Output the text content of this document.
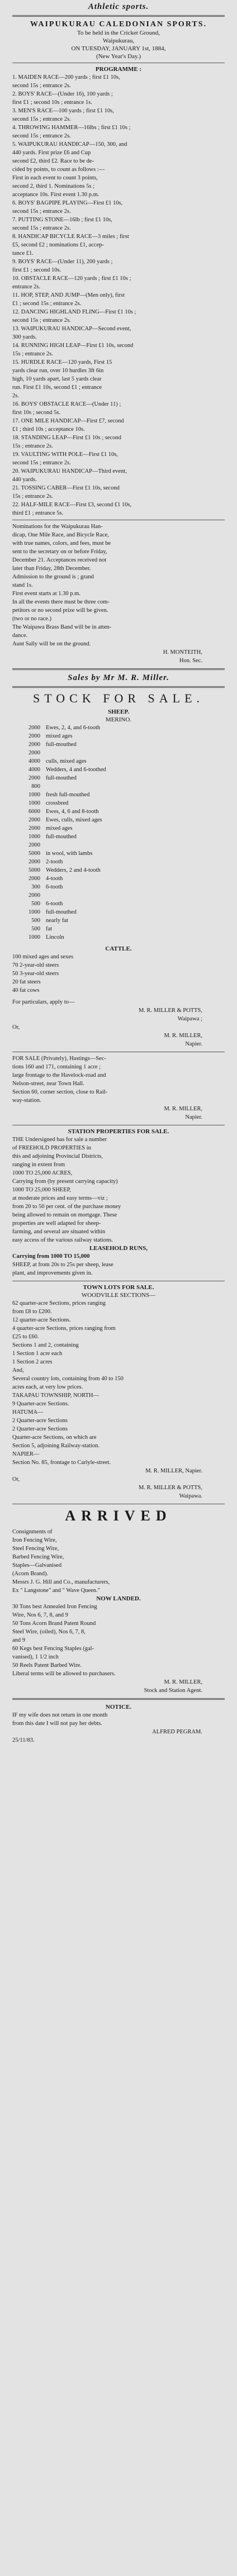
Athletic sports.
WAIPUKURAU CALEDONIAN SPORTS.
To be held in the Cricket Ground,
Waipukurau,
ON TUESDAY, JANUARY 1st, 1884,
(New Year's Day.)
PROGRAMME :
1. MAIDEN RACE—200 yards ; first £1 10s,
second 15s ; entrance 2s.
2. BOYS' RACE—(Under 16), 100 yards ;
first £1 ; second 10s ; entrance 1s.
3. MEN'S RACE—100 yards ; first £1 10s,
second 15s ; entrance 2s.
4. THROWING HAMMER—16lbs ; first £1 10s ;
second 15s ; entrance 2s.
5. WAIPUKURAU HANDICAP—150, 300, and
440 yards. First prize £6 and Cup
second £2, third £2. Race to be de-
cided by points, to count as follows :—
First in each event to count 3 points,
second 2, third 1. Nominations 5s ;
acceptance 10s. First event 1.30 p.m.
6. BOYS' BAGPIPE PLAYING—First £1 10s,
second 15s ; entrance 2s.
7. PUTTING STONE—16lb ; first £1 10s,
second 15s ; entrance 2s.
8. HANDICAP BICYCLE RACE—3 miles ; first
£5, second £2 ; nominations £1, accep-
tance £1.
9. BOYS' RACE—(Under 11), 200 yards ;
first £1 ; second 10s.
10. OBSTACLE RACE—120 yards ; first £1 10s ;
entrance 2s.
11. HOP, STEP, AND JUMP—(Men only), first
£1 ; second 15s ; entrance 2s.
12. DANCING HIGHLAND FLING—First £1 10s ;
second 15s ; entrance 2s.
13. WAIPUKURAU HANDICAP—Second event,
300 yards.
14. RUNNING HIGH LEAP—First £1 10s, second
15s ; entrance 2s.
15. HURDLE RACE—120 yards, First 15
yards clear run, over 10 hurdles 3ft 6in
high, 10 yards apart, last 5 yards clear
run. First £1 10s, second £1 ; entrance
2s.
16. BOYS' OBSTACLE RACE—(Under 11) ;
first 10s ; second 5s.
17. ONE MILE HANDICAP—First £7, second
£1 ; third 10s ; acceptance 10s.
18. STANDING LEAP—First £1 10s ; second
15s ; entrance 2s.
19. VAULTING WITH POLE—First £1 10s,
second 15s ; entrance 2s.
20. WAIPUKURAU HANDICAP—Third event,
440 yards.
21. TOSSING CABER—First £1 10s, second
15s ; entrance 2s.
22. HALF-MILE RACE—First £3, second £1 10s,
third £1 ; entrance 5s.
Nominations for the Waipukurau Han-
dicap, One Mile Race, and Bicycle Race,
with true names, colors, and fees, must be
sent to the secretary on or before Friday,
December 21. Acceptances received not
later than Friday, 28th December.
Admission to the ground is ; grand
stand 1s.
First event starts at 1.30 p.m.
In all the events there must be three com-
petitors or no second prize will be given.
(two or no race.)
The Waipawa Brass Band will be in atten-
dance.
Aunt Sally will be on the ground.
H. MONTEITH,
Hon. Sec.
Sales by Mr M. R. Miller.
STOCK FOR SALE.
SHEEP.
MERINO.
2000 Ewes, 2, 4, and 6-tooth
2000 mixed ages
2000 full-mouthed
2000
4000 culls, mixed ages
4000 Wedders, 4 and 6-toothed
2000 full-mouthed
800
1000 fresh full-mouthed
1000 crossbred
6000 Ewes, 4, 6 and 8-tooth
2000 Ewes, culls, mixed ages
2000 mixed ages
1000 full-mouthed
2000
5000 in wool, with lambs
2000 2-tooth
5000 Wedders, 2 and 4-tooth
2000 4-tooth
300 6-tooth
2000
500 6-tooth
1000 full-mouthed
500 nearly fat
500 fat
1000 Lincoln
CATTLE.
100 mixed ages and sexes
70 2-year-old steers
50 3-year-old steers
20 fat steers
40 fat cows
For particulars, apply to—
M. R. MILLER & POTTS,
Waipawa ;
Or,
M. R. MILLER,
Napier.
FOR SALE (Privately), Hastings—Sec-
tions 160 and 171, containing 1 acre ;
large frontage to the Havelock-road and
Nelson-street, near Town Hall.
Section 60, corner section, close to Rail-
way-station.
M. R. MILLER,
Napier.
STATION PROPERTIES FOR SALE.
THE Undersigned has for sale a number
of FREEHOLD PROPERTIES in
this and adjoining Provincial Districts,
ranging in extent from
1000 TO 25,000 ACRES,
Carrying from (by present carrying capacity)
1000 TO 25,000 SHEEP,
at moderate prices and easy terms—viz ;
from 20 to 50 per cent. of the purchase money
being allowed to remain on mortgage. These
properties are well adapted for sheep-
farming, and several are situated within
easy access of the various railway stations.
LEASEHOLD RUNS,
Carrying from 1000 TO 15,000
SHEEP, at from 20s to 25s per sheep, lease
plant, and improvements given in.
TOWN LOTS FOR SALE.
WOODVILLE SECTIONS—
62 quarter-acre Sections, prices ranging
from £8 to £200.
12 quarter-acre Sections.
4 quarter-acre Sections, prices ranging from
£25 to £60.
Sections 1 and 2, containing
1 Section 1 acre each
1 Section 2 acres
And,
Several country lots, containing from 40 to 150
acres each, at very low prices.
TAKAPAU TOWNSHIP, NORTH—
9 Quarter-acre Sections.
HATUMA—
2 Quarter-acre Sections
2 Quarter-acre Sections
Quarter-acre Sections, on which are
Section 5, adjoining Railway-station.
NAPIER—
Section No. 85, frontage to Carlyle-street.
M. R. MILLER, Napier.
Or,
M. R. MILLER & POTTS,
Waipawa.
ARRIVED
Consignments of
Iron Fencing Wire,
Steel Fencing Wire,
Barbed Fencing Wire,
Staples—Galvanised
(Acorn Brand).
Messrs J. G. Hill and Co., manufacturers,
Ex " Langstone" and " Wave Queen."
NOW LANDED.
30 Tons best Annealed Iron Fencing
Wire, Nos 6, 7, 8, and 9
50 Tons Acorn Brand Patent Round
Steel Wire, (oiled), Nos 6, 7, 8,
and 9
60 Kegs best Fencing Staples (gal-
vanised), 1 1/2 inch
50 Reels Patent Barbed Wire.
Liberal terms will be allowed to purchasers.
M. R. MILLER,
Stock and Station Agent.
NOTICE.
IF my wife does not return in one month
from this date I will not pay her debts.
ALFRED PEGRAM.
25/11/83.
